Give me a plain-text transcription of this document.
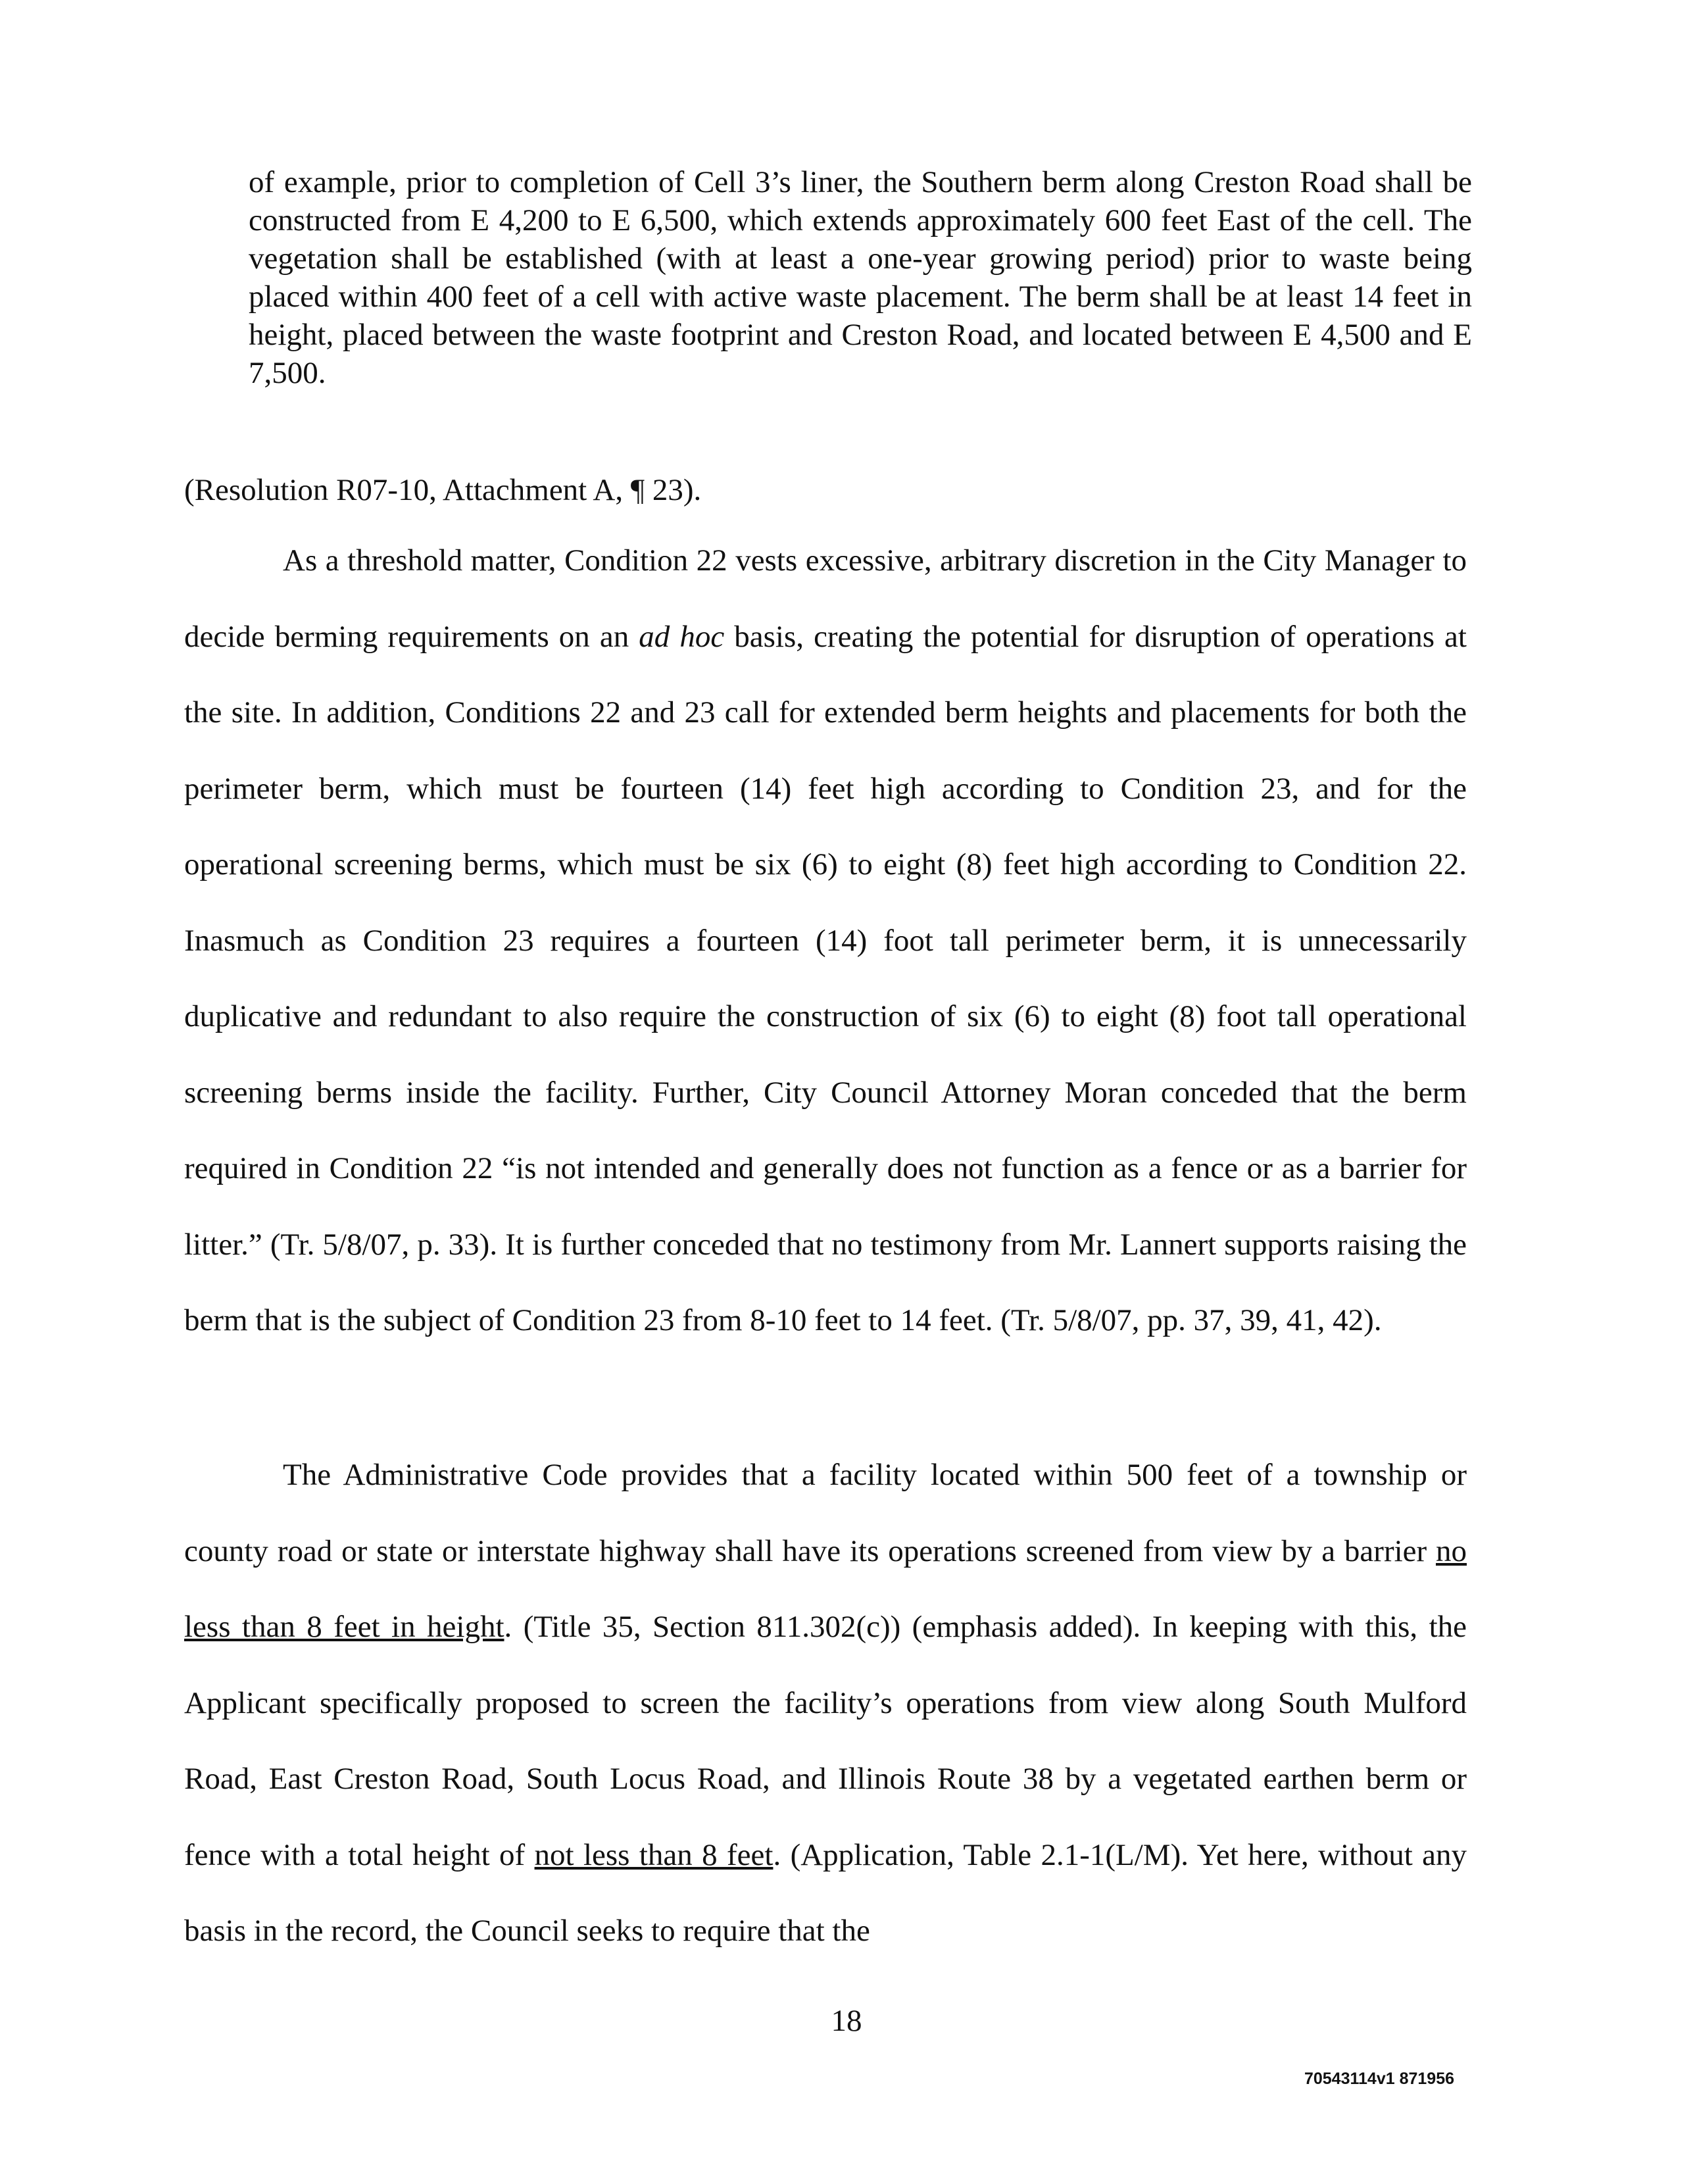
of example, prior to completion of Cell 3’s liner, the Southern berm along Creston Road shall be constructed from E 4,200 to E 6,500, which extends approximately 600 feet East of the cell. The vegetation shall be established (with at least a one-year growing period) prior to waste being placed within 400 feet of a cell with active waste placement. The berm shall be at least 14 feet in height, placed between the waste footprint and Creston Road, and located between E 4,500 and E 7,500.

(Resolution R07-10, Attachment A, ¶ 23).

As a threshold matter, Condition 22 vests excessive, arbitrary discretion in the City Manager to decide berming requirements on an ad hoc basis, creating the potential for disruption of operations at the site. In addition, Conditions 22 and 23 call for extended berm heights and placements for both the perimeter berm, which must be fourteen (14) feet high according to Condition 23, and for the operational screening berms, which must be six (6) to eight (8) feet high according to Condition 22. Inasmuch as Condition 23 requires a fourteen (14) foot tall perimeter berm, it is unnecessarily duplicative and redundant to also require the construction of six (6) to eight (8) foot tall operational screening berms inside the facility. Further, City Council Attorney Moran conceded that the berm required in Condition 22 “is not intended and generally does not function as a fence or as a barrier for litter.” (Tr. 5/8/07, p. 33). It is further conceded that no testimony from Mr. Lannert supports raising the berm that is the subject of Condition 23 from 8-10 feet to 14 feet. (Tr. 5/8/07, pp. 37, 39, 41, 42).

The Administrative Code provides that a facility located within 500 feet of a township or county road or state or interstate highway shall have its operations screened from view by a barrier no less than 8 feet in height. (Title 35, Section 811.302(c)) (emphasis added). In keeping with this, the Applicant specifically proposed to screen the facility’s operations from view along South Mulford Road, East Creston Road, South Locus Road, and Illinois Route 38 by a vegetated earthen berm or fence with a total height of not less than 8 feet. (Application, Table 2.1-1(L/M). Yet here, without any basis in the record, the Council seeks to require that the

18

70543114v1 871956
